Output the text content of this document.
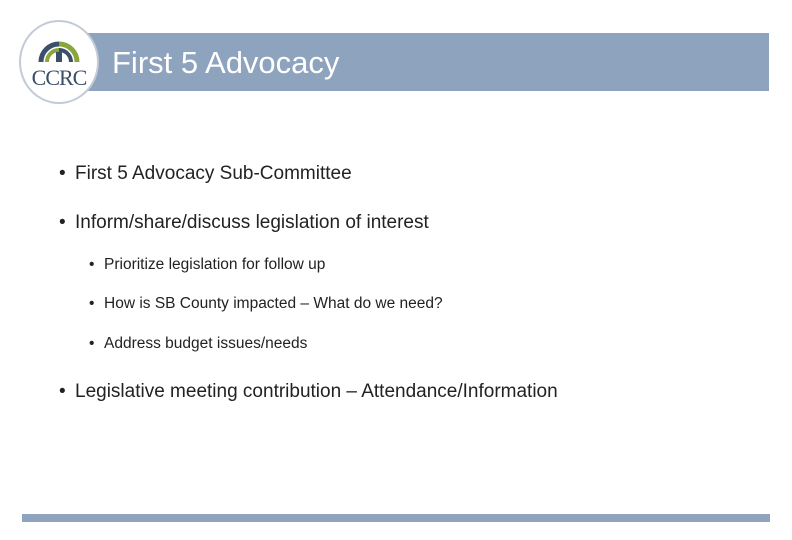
First 5 Advocacy
CCRC
• First 5 Advocacy Sub-Committee
• Inform/share/discuss legislation of interest
• Prioritize legislation for follow up
• How is SB County impacted – What do we need?
• Address budget issues/needs
• Legislative meeting contribution – Attendance/Information
